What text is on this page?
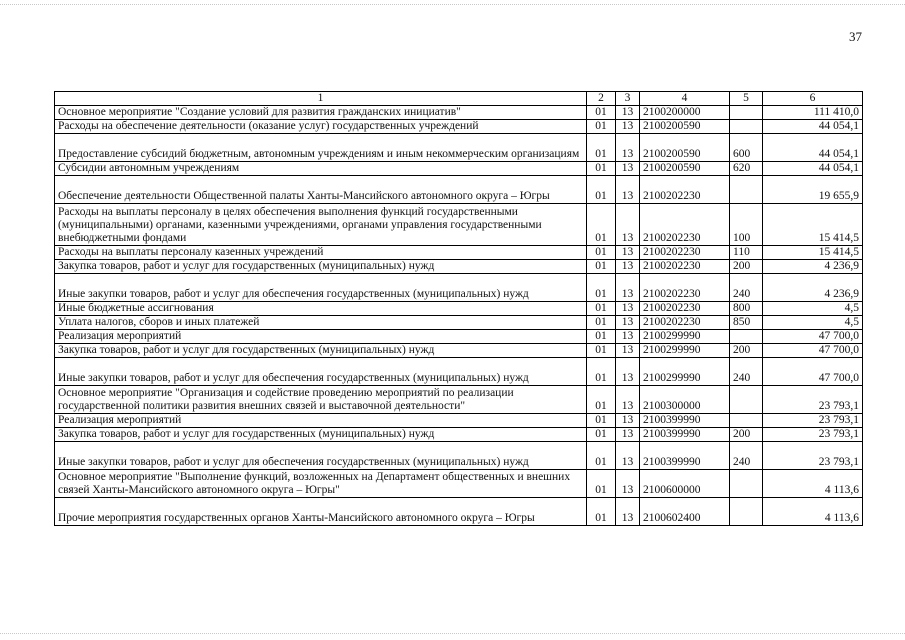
37
1	2	3	4	5	6
Основное мероприятие "Создание условий для развития гражданских инициатив"	01	13	2100200000		111 410,0
Расходы на обеспечение деятельности (оказание услуг) государственных учреждений	01	13	2100200590		44 054,1
Предоставление субсидий бюджетным, автономным учреждениям и иным некоммерческим организациям	01	13	2100200590	600	44 054,1
Субсидии автономным учреждениям	01	13	2100200590	620	44 054,1
Обеспечение деятельности Общественной палаты Ханты-Мансийского автономного округа – Югры	01	13	2100202230		19 655,9
Расходы на выплаты персоналу в целях обеспечения выполнения функций государственными (муниципальными) органами, казенными учреждениями, органами управления государственными внебюджетными фондами	01	13	2100202230	100	15 414,5
Расходы на выплаты персоналу казенных учреждений	01	13	2100202230	110	15 414,5
Закупка товаров, работ и услуг для государственных (муниципальных) нужд	01	13	2100202230	200	4 236,9
Иные закупки товаров, работ и услуг для обеспечения государственных (муниципальных) нужд	01	13	2100202230	240	4 236,9
Иные бюджетные ассигнования	01	13	2100202230	800	4,5
Уплата налогов, сборов и иных платежей	01	13	2100202230	850	4,5
Реализация мероприятий	01	13	2100299990		47 700,0
Закупка товаров, работ и услуг для государственных (муниципальных) нужд	01	13	2100299990	200	47 700,0
Иные закупки товаров, работ и услуг для обеспечения государственных (муниципальных) нужд	01	13	2100299990	240	47 700,0
Основное мероприятие "Организация и содействие проведению мероприятий по реализации государственной политики развития внешних связей и выставочной деятельности"	01	13	2100300000		23 793,1
Реализация мероприятий	01	13	2100399990		23 793,1
Закупка товаров, работ и услуг для государственных (муниципальных) нужд	01	13	2100399990	200	23 793,1
Иные закупки товаров, работ и услуг для обеспечения государственных (муниципальных) нужд	01	13	2100399990	240	23 793,1
Основное мероприятие "Выполнение функций, возложенных на Департамент общественных и внешних связей Ханты-Мансийского автономного округа – Югры"	01	13	2100600000		4 113,6
Прочие мероприятия государственных органов Ханты-Мансийского автономного округа – Югры	01	13	2100602400		4 113,6
